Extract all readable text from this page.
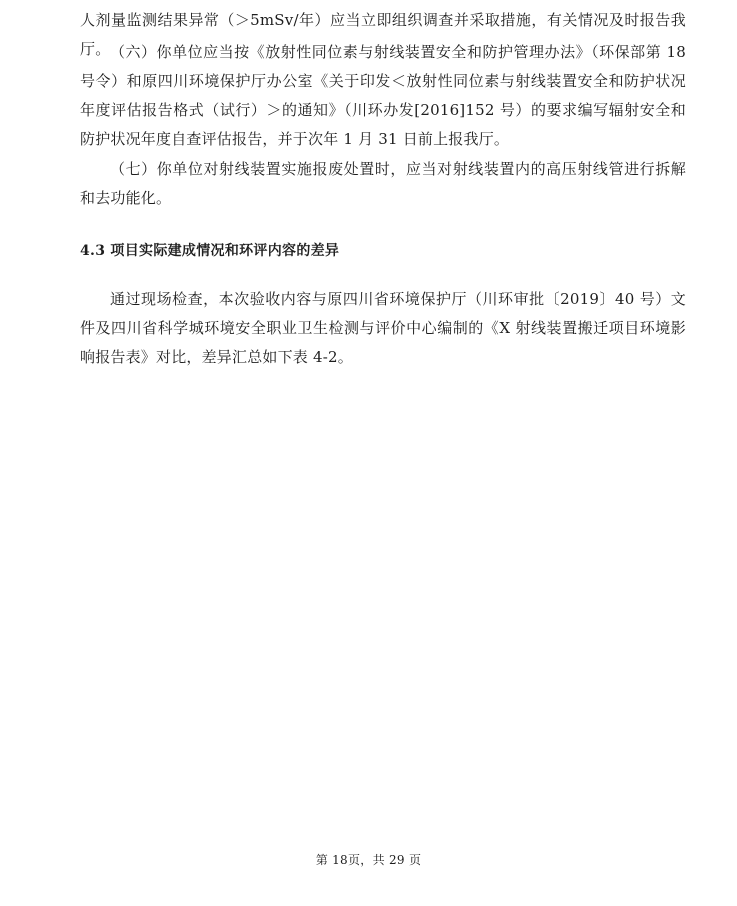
人剂量监测结果异常（＞5mSv/年）应当立即组织调查并采取措施，有关情况及时报告我厅。 （六）你单位应当按《放射性同位素与射线装置安全和防护管理办法》（环保部第 18 号令）和原四川环境保护厅办公室《关于印发＜放射性同位素与射线装置安全和防护状况年度评估报告格式（试行）＞的通知》（川环办发[2016]152 号）的要求编写辐射安全和防护状况年度自查评估报告，并于次年 1 月 31 日前上报我厅。

（七）你单位对射线装置实施报废处置时，应当对射线装置内的高压射线管进行拆解和去功能化。

4.3 项目实际建成情况和环评内容的差异

通过现场检查，本次验收内容与原四川省环境保护厅（川环审批〔2019〕40 号）文件及四川省科学城环境安全职业卫生检测与评价中心编制的《X 射线装置搬迁项目环境影响报告表》对比，差异汇总如下表 4-2。

第 18页，共 29 页
